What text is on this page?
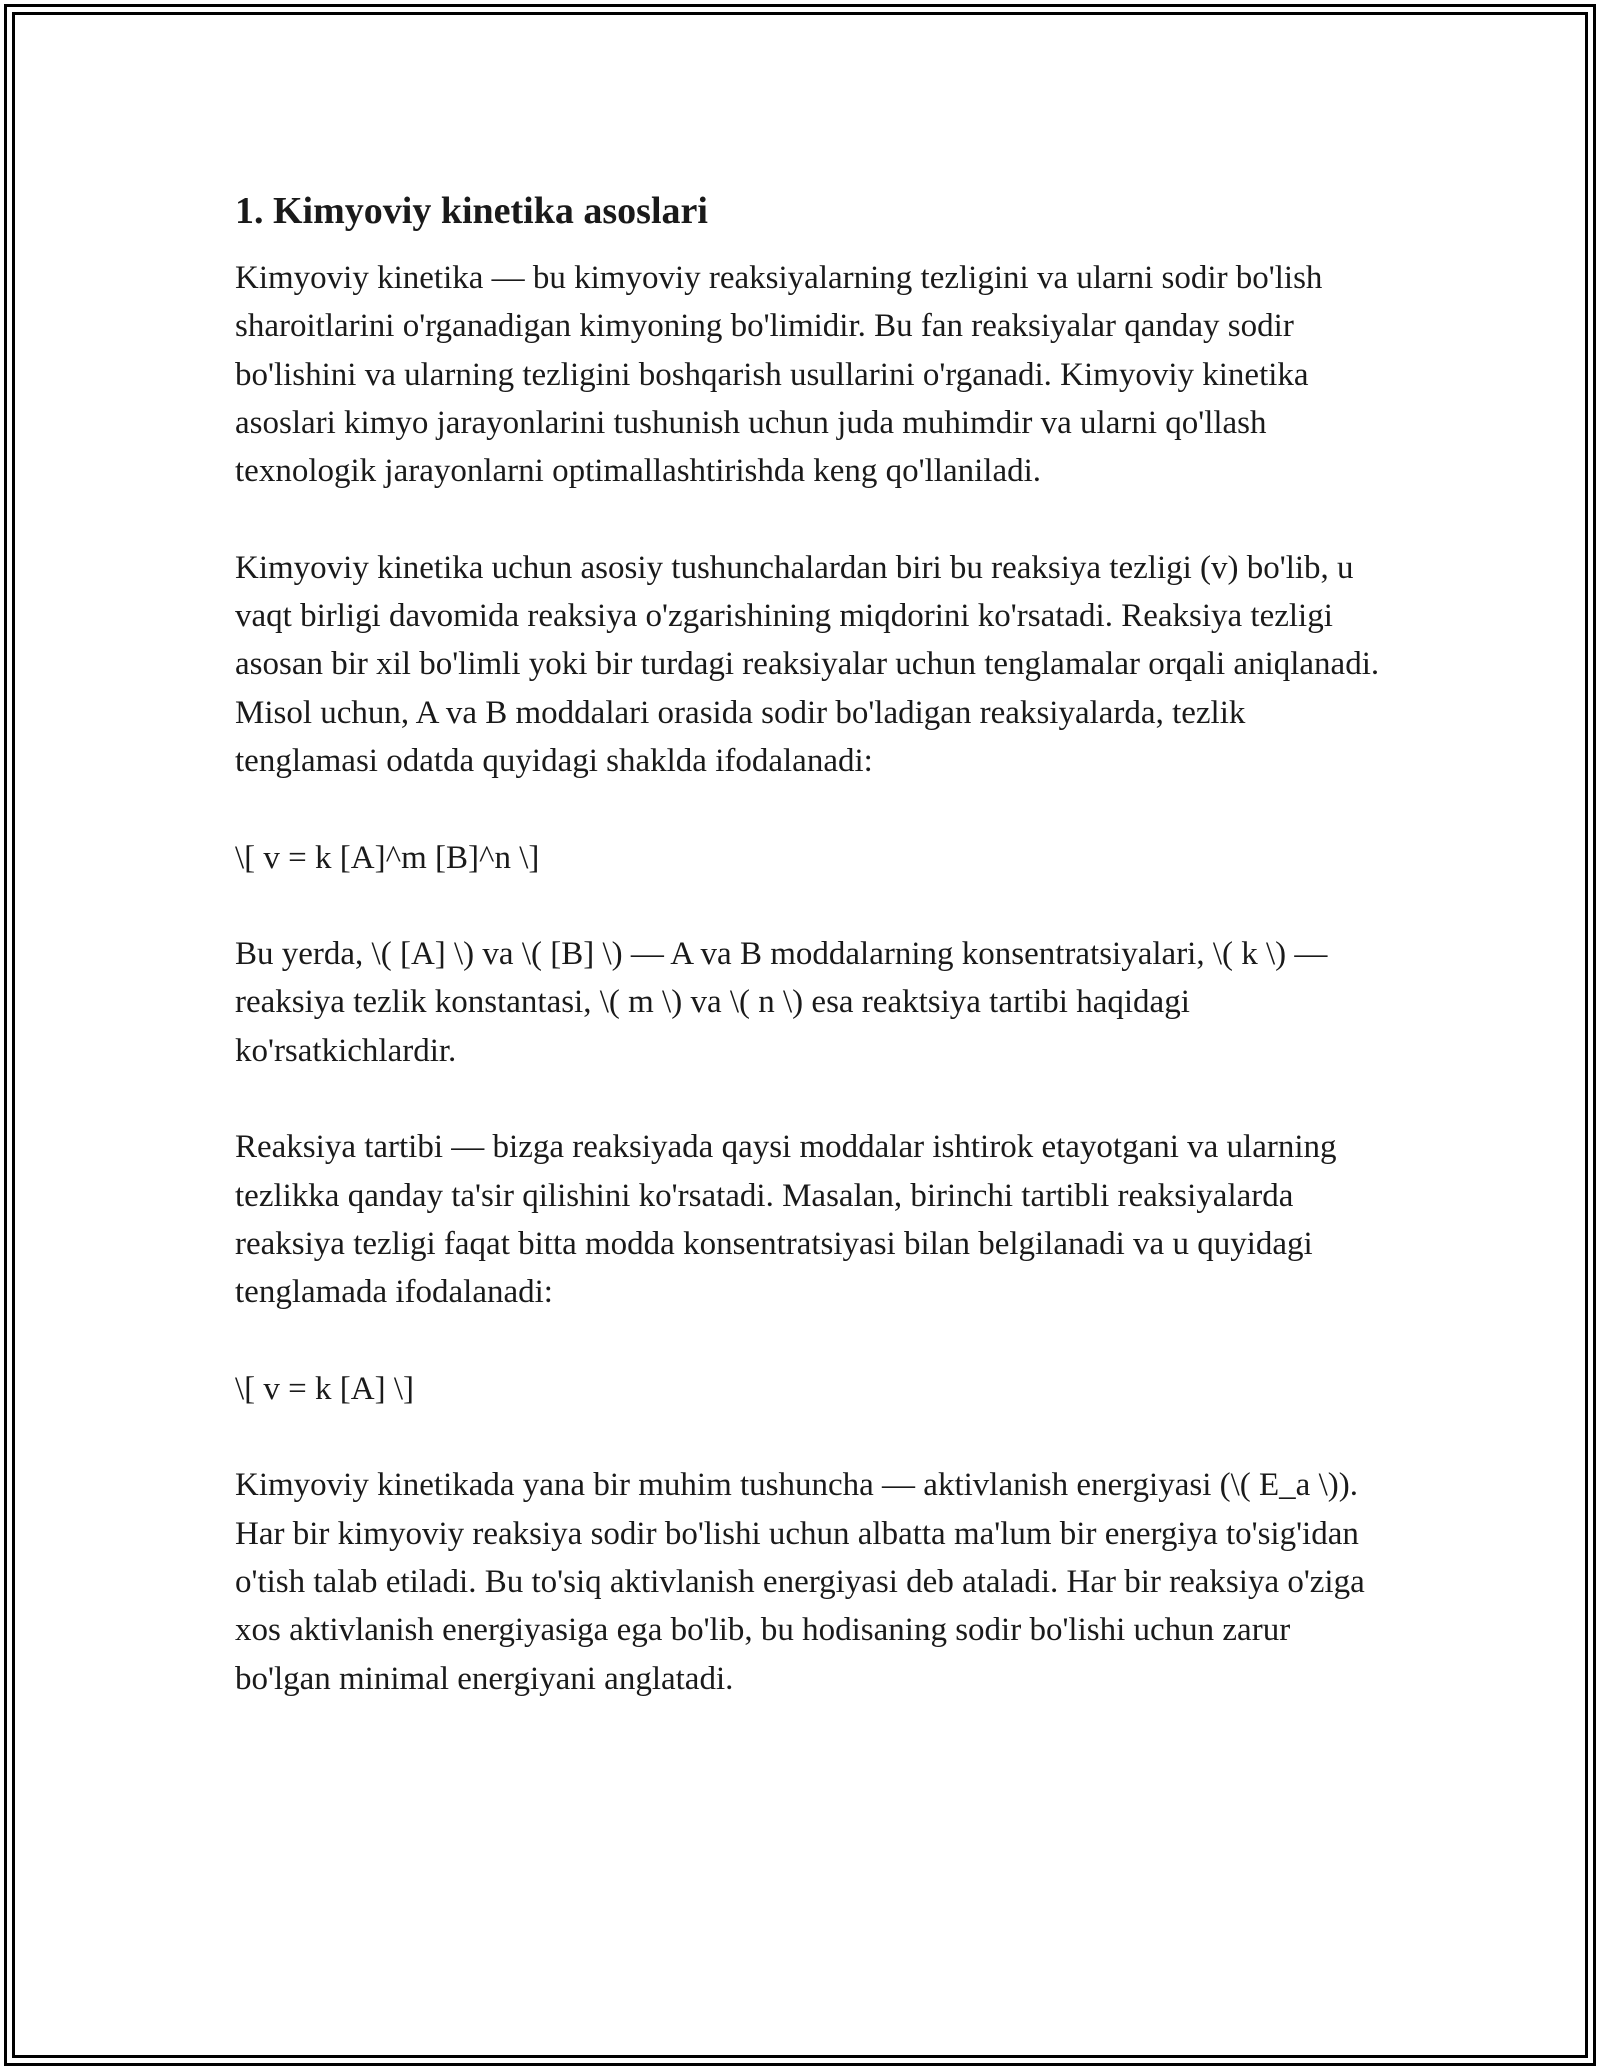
1. Kimyoviy kinetika asoslari

Kimyoviy kinetika — bu kimyoviy reaksiyalarning tezligini va ularni sodir bo'lish sharoitlarini o'rganadigan kimyoning bo'limidir. Bu fan reaksiyalar qanday sodir bo'lishini va ularning tezligini boshqarish usullarini o'rganadi. Kimyoviy kinetika asoslari kimyo jarayonlarini tushunish uchun juda muhimdir va ularni qo'llash texnologik jarayonlarni optimallashtirishda keng qo'llaniladi.

Kimyoviy kinetika uchun asosiy tushunchalardan biri bu reaksiya tezligi (v) bo'lib, u vaqt birligi davomida reaksiya o'zgarishining miqdorini ko'rsatadi. Reaksiya tezligi asosan bir xil bo'limli yoki bir turdagi reaksiyalar uchun tenglamalar orqali aniqlanadi. Misol uchun, A va B moddalari orasida sodir bo'ladigan reaksiyalarda, tezlik tenglamasi odatda quyidagi shaklda ifodalanadi:

\[ v = k [A]^m [B]^n \]

Bu yerda, \( [A] \) va \( [B] \) — A va B moddalarning konsentratsiyalari, \( k \) — reaksiya tezlik konstantasi, \( m \) va \( n \) esa reaktsiya tartibi haqidagi ko'rsatkichlardir.

Reaksiya tartibi — bizga reaksiyada qaysi moddalar ishtirok etayotgani va ularning tezlikka qanday ta'sir qilishini ko'rsatadi. Masalan, birinchi tartibli reaksiyalarda reaksiya tezligi faqat bitta modda konsentratsiyasi bilan belgilanadi va u quyidagi tenglamada ifodalanadi:

\[ v = k [A] \]

Kimyoviy kinetikada yana bir muhim tushuncha — aktivlanish energiyasi (\( E_a \)). Har bir kimyoviy reaksiya sodir bo'lishi uchun albatta ma'lum bir energiya to'sig'idan o'tish talab etiladi. Bu to'siq aktivlanish energiyasi deb ataladi. Har bir reaksiya o'ziga xos aktivlanish energiyasiga ega bo'lib, bu hodisaning sodir bo'lishi uchun zarur bo'lgan minimal energiyani anglatadi.
